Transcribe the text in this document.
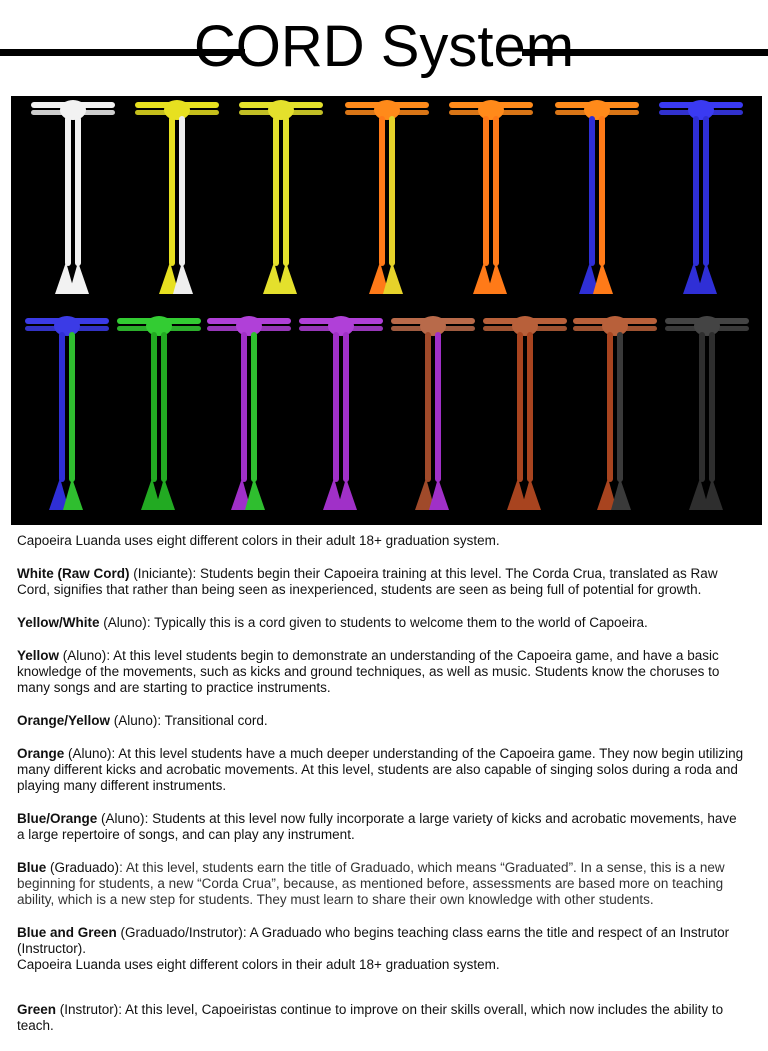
CORD System

Capoeira Luanda uses eight different colors in their adult 18+ graduation system.

White (Raw Cord) (Iniciante): Students begin their Capoeira training at this level. The Corda Crua, translated as Raw Cord, signifies that rather than being seen as inexperienced, students are seen as being full of potential for growth.

Yellow/White (Aluno): Typically this is a cord given to students to welcome them to the world of Capoeira.

Yellow (Aluno): At this level students begin to demonstrate an understanding of the Capoeira game, and have a basic knowledge of the movements, such as kicks and ground techniques, as well as music. Students know the choruses to many songs and are starting to practice instruments.

Orange/Yellow (Aluno): Transitional cord.

Orange (Aluno): At this level students have a much deeper understanding of the Capoeira game. They now begin utilizing many different kicks and acrobatic movements. At this level, students are also capable of singing solos during a roda and playing many different instruments.

Blue/Orange (Aluno): Students at this level now fully incorporate a large variety of kicks and acrobatic movements, have a large repertoire of songs, and can play any instrument.

Blue (Graduado): At this level, students earn the title of Graduado, which means “Graduated”. In a sense, this is a new beginning for students, a new “Corda Crua”, because, as mentioned before, assessments are based more on teaching ability, which is a new step for students. They must learn to share their own knowledge with other students.

Blue and Green (Graduado/Instrutor): A Graduado who begins teaching class earns the title and respect of an Instrutor (Instructor).
Capoeira Luanda uses eight different colors in their adult 18+ graduation system.

Green (Instrutor): At this level, Capoeiristas continue to improve on their skills overall, which now includes the ability to teach.
